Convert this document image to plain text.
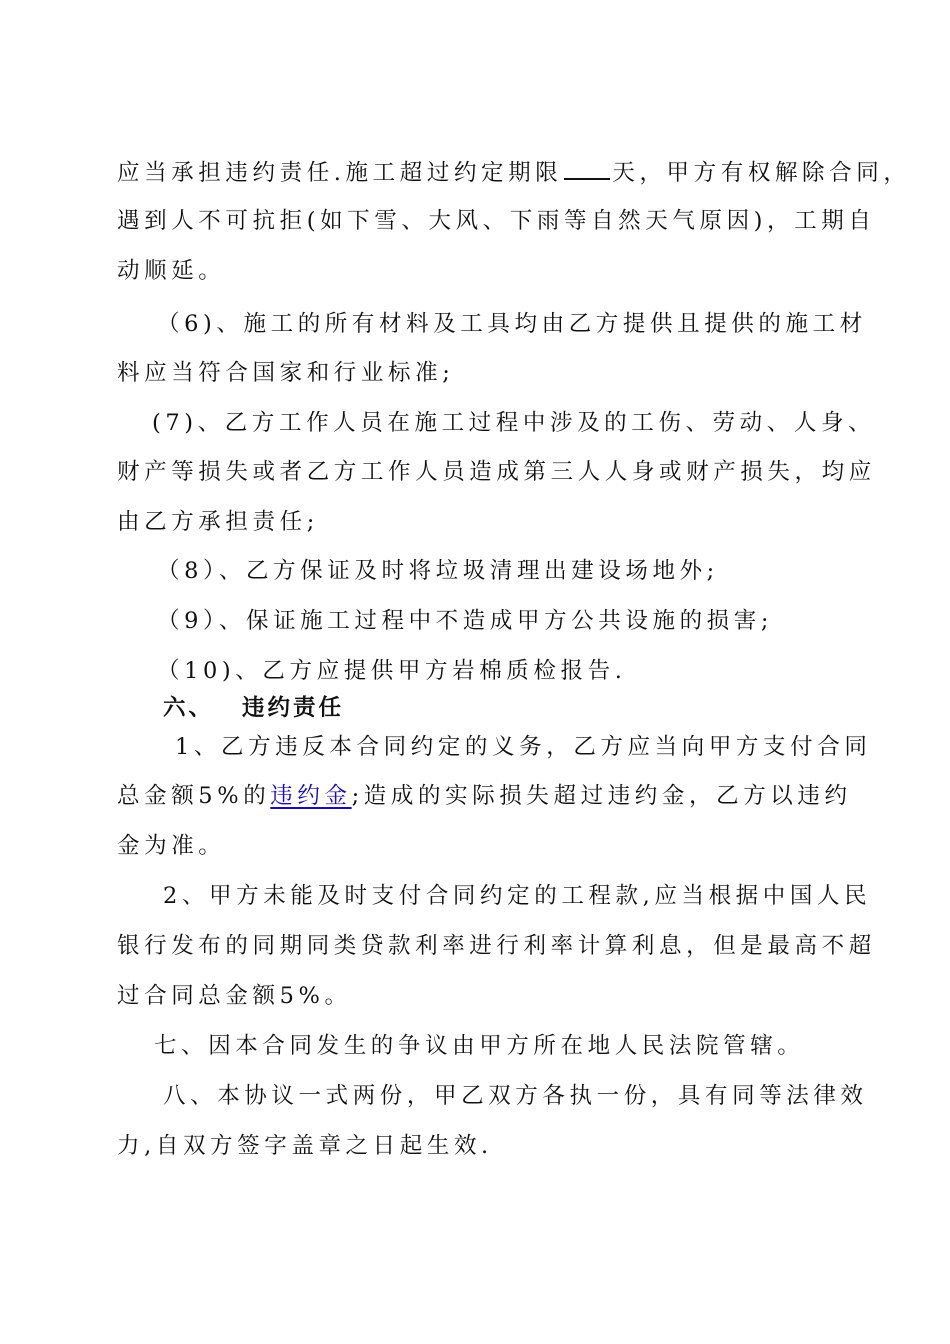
应当承担违约责任.施工超过约定期限 天，甲方有权解除合同，
遇到人不可抗拒(如下雪、大风、下雨等自然天气原因)，工期自
动顺延。
（6)、施工的所有材料及工具均由乙方提供且提供的施工材
料应当符合国家和行业标准;
(7)、乙方工作人员在施工过程中涉及的工伤、劳动、人身、
财产等损失或者乙方工作人员造成第三人人身或财产损失，均应
由乙方承担责任;
（8）、乙方保证及时将垃圾清理出建设场地外;
（9）、保证施工过程中不造成甲方公共设施的损害;
（10)、乙方应提供甲方岩棉质检报告.
六、 违约责任
1、乙方违反本合同约定的义务，乙方应当向甲方支付合同
总金额5%的违约金;造成的实际损失超过违约金，乙方以违约
金为准。
2、甲方未能及时支付合同约定的工程款,应当根据中国人民
银行发布的同期同类贷款利率进行利率计算利息，但是最高不超
过合同总金额5%。
七、因本合同发生的争议由甲方所在地人民法院管辖。
八、本协议一式两份，甲乙双方各执一份，具有同等法律效
力,自双方签字盖章之日起生效.
